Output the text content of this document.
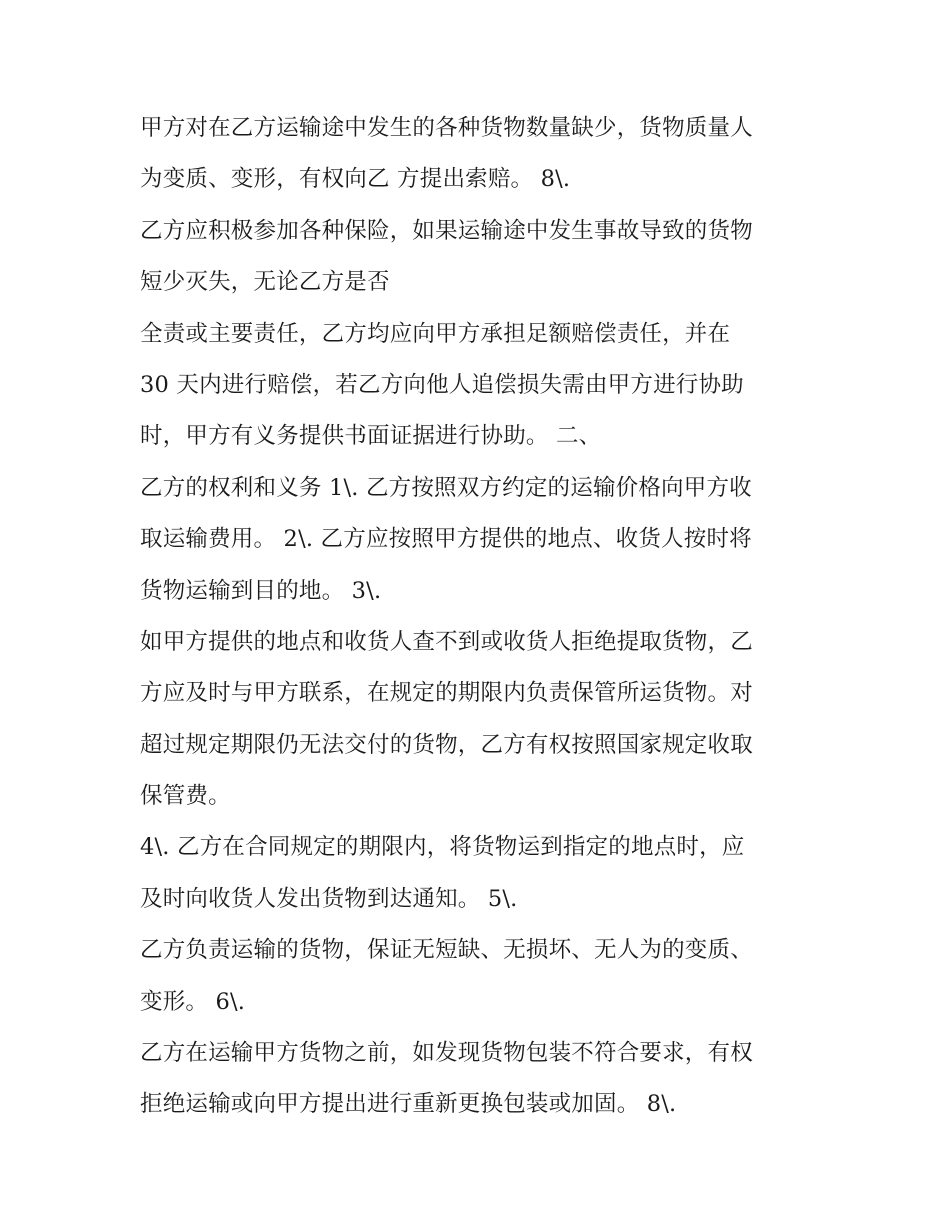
甲方对在乙方运输途中发生的各种货物数量缺少，货物质量人
为变质、变形，有权向乙 方提出索赔。 8\.
乙方应积极参加各种保险，如果运输途中发生事故导致的货物
短少灭失，无论乙方是否
全责或主要责任，乙方均应向甲方承担足额赔偿责任，并在
30 天内进行赔偿，若乙方向他人追偿损失需由甲方进行协助
时，甲方有义务提供书面证据进行协助。 二、
乙方的权利和义务 1\. 乙方按照双方约定的运输价格向甲方收
取运输费用。 2\. 乙方应按照甲方提供的地点、收货人按时将
货物运输到目的地。 3\.
如甲方提供的地点和收货人查不到或收货人拒绝提取货物，乙
方应及时与甲方联系，在规定的期限内负责保管所运货物。对
超过规定期限仍无法交付的货物，乙方有权按照国家规定收取
保管费。
4\. 乙方在合同规定的期限内，将货物运到指定的地点时，应
及时向收货人发出货物到达通知。 5\.
乙方负责运输的货物，保证无短缺、无损坏、无人为的变质、
变形。 6\.
乙方在运输甲方货物之前，如发现货物包装不符合要求，有权
拒绝运输或向甲方提出进行重新更换包装或加固。 8\.
